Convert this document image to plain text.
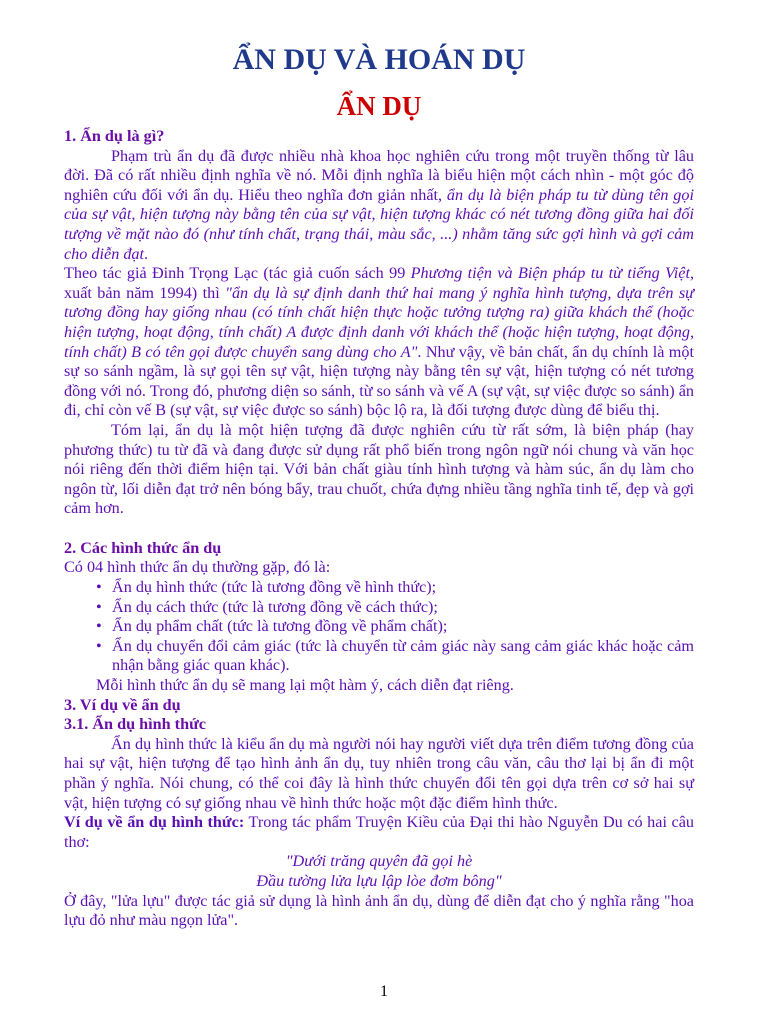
ẨN DỤ VÀ HOÁN DỤ
ẨN DỤ

1. Ẩn dụ là gì?

Phạm trù ẩn dụ đã được nhiều nhà khoa học nghiên cứu trong một truyền thống từ lâu đời. Đã có rất nhiều định nghĩa về nó. Mỗi định nghĩa là biểu hiện một cách nhìn - một góc độ nghiên cứu đối với ẩn dụ. Hiểu theo nghĩa đơn giản nhất, ẩn dụ là biện pháp tu từ dùng tên gọi của sự vật, hiện tượng này bằng tên của sự vật, hiện tượng khác có nét tương đồng giữa hai đối tượng về mặt nào đó (như tính chất, trạng thái, màu sắc, ...) nhằm tăng sức gợi hình và gợi cảm cho diễn đạt.

Theo tác giả Đinh Trọng Lạc (tác giả cuốn sách 99 Phương tiện và Biện pháp tu từ tiếng Việt, xuất bản năm 1994) thì "ẩn dụ là sự định danh thứ hai mang ý nghĩa hình tượng, dựa trên sự tương đồng hay giống nhau (có tính chất hiện thực hoặc tưởng tượng ra) giữa khách thể (hoặc hiện tượng, hoạt động, tính chất) A được định danh với khách thể (hoặc hiện tượng, hoạt động, tính chất) B có tên gọi được chuyển sang dùng cho A". Như vậy, về bản chất, ẩn dụ chính là một sự so sánh ngầm, là sự gọi tên sự vật, hiện tượng này bằng tên sự vật, hiện tượng có nét tương đồng với nó. Trong đó, phương diện so sánh, từ so sánh và vế A (sự vật, sự việc được so sánh) ẩn đi, chỉ còn vế B (sự vật, sự việc được so sánh) bộc lộ ra, là đối tượng được dùng để biểu thị.

Tóm lại, ẩn dụ là một hiện tượng đã được nghiên cứu từ rất sớm, là biện pháp (hay phương thức) tu từ đã và đang được sử dụng rất phổ biến trong ngôn ngữ nói chung và văn học nói riêng đến thời điểm hiện tại. Với bản chất giàu tính hình tượng và hàm súc, ẩn dụ làm cho ngôn từ, lối diễn đạt trở nên bóng bẩy, trau chuốt, chứa đựng nhiều tầng nghĩa tinh tế, đẹp và gợi cảm hơn.

2. Các hình thức ẩn dụ

Có 04 hình thức ẩn dụ thường gặp, đó là:

• Ẩn dụ hình thức (tức là tương đồng về hình thức);
• Ẩn dụ cách thức (tức là tương đồng về cách thức);
• Ẩn dụ phẩm chất (tức là tương đồng về phẩm chất);
• Ẩn dụ chuyển đổi cảm giác (tức là chuyển từ cảm giác này sang cảm giác khác hoặc cảm nhận bằng giác quan khác).

Mỗi hình thức ẩn dụ sẽ mang lại một hàm ý, cách diễn đạt riêng.

3. Ví dụ về ẩn dụ

3.1. Ẩn dụ hình thức

Ẩn dụ hình thức là kiểu ẩn dụ mà người nói hay người viết dựa trên điểm tương đồng của hai sự vật, hiện tượng để tạo hình ảnh ẩn dụ, tuy nhiên trong câu văn, câu thơ lại bị ẩn đi một phần ý nghĩa. Nói chung, có thể coi đây là hình thức chuyển đổi tên gọi dựa trên cơ sở hai sự vật, hiện tượng có sự giống nhau về hình thức hoặc một đặc điểm hình thức.

Ví dụ về ẩn dụ hình thức: Trong tác phẩm Truyện Kiều của Đại thi hào Nguyễn Du có hai câu thơ:

"Dưới trăng quyên đã gọi hè

Đầu tường lửa lựu lập lòe đơm bông"

Ở đây, "lửa lựu" được tác giả sử dụng là hình ảnh ẩn dụ, dùng để diễn đạt cho ý nghĩa rằng "hoa lựu đỏ như màu ngọn lửa".

1
